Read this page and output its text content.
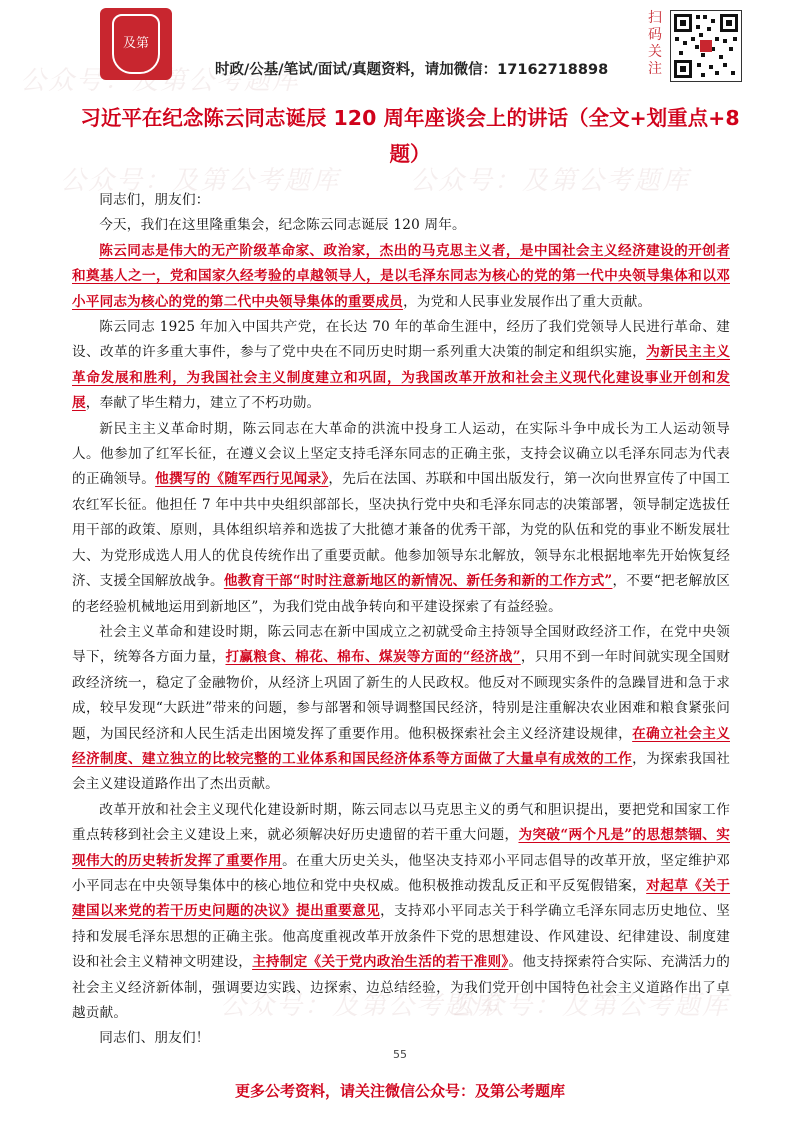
公众号：及第公考题库
公众号：及第公考题库	公众号：及第公考题库
公众号：及第公考题库
公众号：及第公考题库
及第
时政/公基/笔试/面试/真题资料，请加微信：17162718898
扫码关注
习近平在纪念陈云同志诞辰 120 周年座谈会上的讲话（全文+划重点+8题）

同志们，朋友们：

今天，我们在这里隆重集会，纪念陈云同志诞辰 120 周年。

陈云同志是伟大的无产阶级革命家、政治家，杰出的马克思主义者，是中国社会主义经济建设的开创者和奠基人之一，党和国家久经考验的卓越领导人，是以毛泽东同志为核心的党的第一代中央领导集体和以邓小平同志为核心的党的第二代中央领导集体的重要成员，为党和人民事业发展作出了重大贡献。

陈云同志 1925 年加入中国共产党，在长达 70 年的革命生涯中，经历了我们党领导人民进行革命、建设、改革的许多重大事件，参与了党中央在不同历史时期一系列重大决策的制定和组织实施，为新民主主义革命发展和胜利，为我国社会主义制度建立和巩固，为我国改革开放和社会主义现代化建设事业开创和发展，奉献了毕生精力，建立了不朽功勋。

新民主主义革命时期，陈云同志在大革命的洪流中投身工人运动，在实际斗争中成长为工人运动领导人。他参加了红军长征，在遵义会议上坚定支持毛泽东同志的正确主张，支持会议确立以毛泽东同志为代表的正确领导。他撰写的《随军西行见闻录》，先后在法国、苏联和中国出版发行，第一次向世界宣传了中国工农红军长征。他担任 7 年中共中央组织部部长，坚决执行党中央和毛泽东同志的决策部署，领导制定选拔任用干部的政策、原则，具体组织培养和选拔了大批德才兼备的优秀干部，为党的队伍和党的事业不断发展壮大、为党形成选人用人的优良传统作出了重要贡献。他参加领导东北解放，领导东北根据地率先开始恢复经济、支援全国解放战争。他教育干部“时时注意新地区的新情况、新任务和新的工作方式”，不要“把老解放区的老经验机械地运用到新地区”，为我们党由战争转向和平建设探索了有益经验。

社会主义革命和建设时期，陈云同志在新中国成立之初就受命主持领导全国财政经济工作，在党中央领导下，统筹各方面力量，打赢粮食、棉花、棉布、煤炭等方面的“经济战”，只用不到一年时间就实现全国财政经济统一，稳定了金融物价，从经济上巩固了新生的人民政权。他反对不顾现实条件的急躁冒进和急于求成，较早发现“大跃进”带来的问题，参与部署和领导调整国民经济，特别是注重解决农业困难和粮食紧张问题，为国民经济和人民生活走出困境发挥了重要作用。他积极探索社会主义经济建设规律，在确立社会主义经济制度、建立独立的比较完整的工业体系和国民经济体系等方面做了大量卓有成效的工作，为探索我国社会主义建设道路作出了杰出贡献。

改革开放和社会主义现代化建设新时期，陈云同志以马克思主义的勇气和胆识提出，要把党和国家工作重点转移到社会主义建设上来，就必须解决好历史遗留的若干重大问题，为突破“两个凡是”的思想禁锢、实现伟大的历史转折发挥了重要作用。在重大历史关头，他坚决支持邓小平同志倡导的改革开放，坚定维护邓小平同志在中央领导集体中的核心地位和党中央权威。他积极推动拨乱反正和平反冤假错案，对起草《关于建国以来党的若干历史问题的决议》提出重要意见，支持邓小平同志关于科学确立毛泽东同志历史地位、坚持和发展毛泽东思想的正确主张。他高度重视改革开放条件下党的思想建设、作风建设、纪律建设、制度建设和社会主义精神文明建设，主持制定《关于党内政治生活的若干准则》。他支持探索符合实际、充满活力的社会主义经济新体制，强调要边实践、边探索、边总结经验，为我们党开创中国特色社会主义道路作出了卓越贡献。

同志们、朋友们！

55
更多公考资料，请关注微信公众号：及第公考题库
